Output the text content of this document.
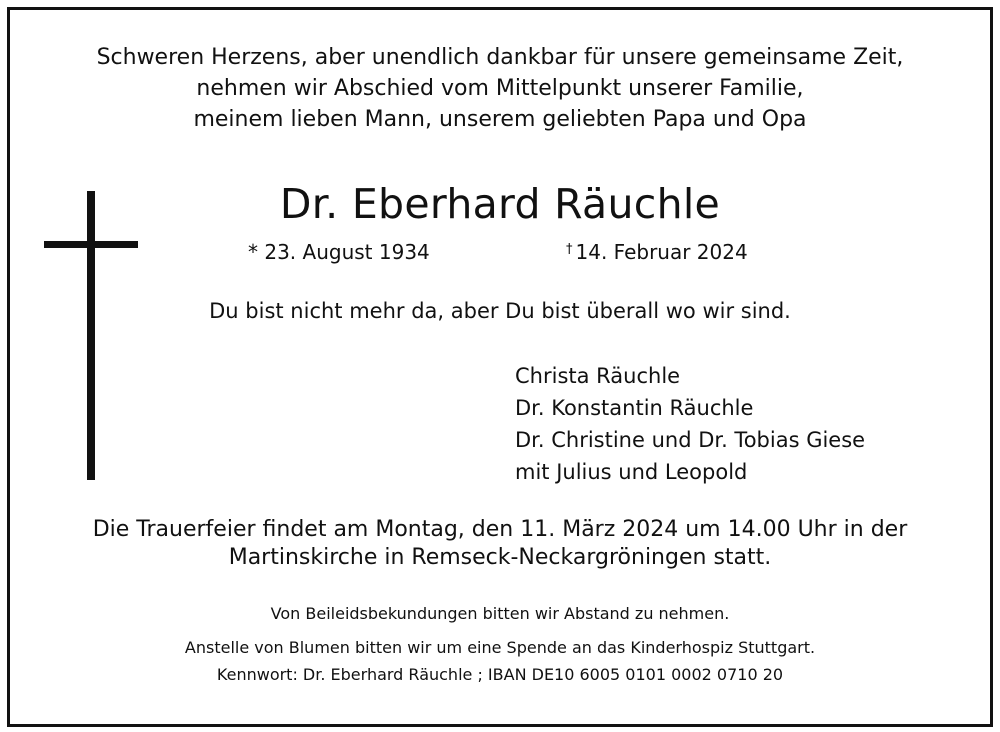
Schweren Herzens, aber unendlich dankbar für unsere gemeinsame Zeit,
nehmen wir Abschied vom Mittelpunkt unserer Familie,
meinem lieben Mann, unserem geliebten Papa und Opa
Dr. Eberhard Räuchle
* 23. August 1934	† 14. Februar 2024
Du bist nicht mehr da, aber Du bist überall wo wir sind.
Christa Räuchle
Dr. Konstantin Räuchle
Dr. Christine und Dr. Tobias Giese
mit Julius und Leopold
Die Trauerfeier findet am Montag, den 11. März 2024 um 14.00 Uhr in der
Martinskirche in Remseck-Neckargröningen statt.
Von Beileidsbekundungen bitten wir Abstand zu nehmen.
Anstelle von Blumen bitten wir um eine Spende an das Kinderhospiz Stuttgart.
Kennwort: Dr. Eberhard Räuchle ; IBAN DE10 6005 0101 0002 0710 20
